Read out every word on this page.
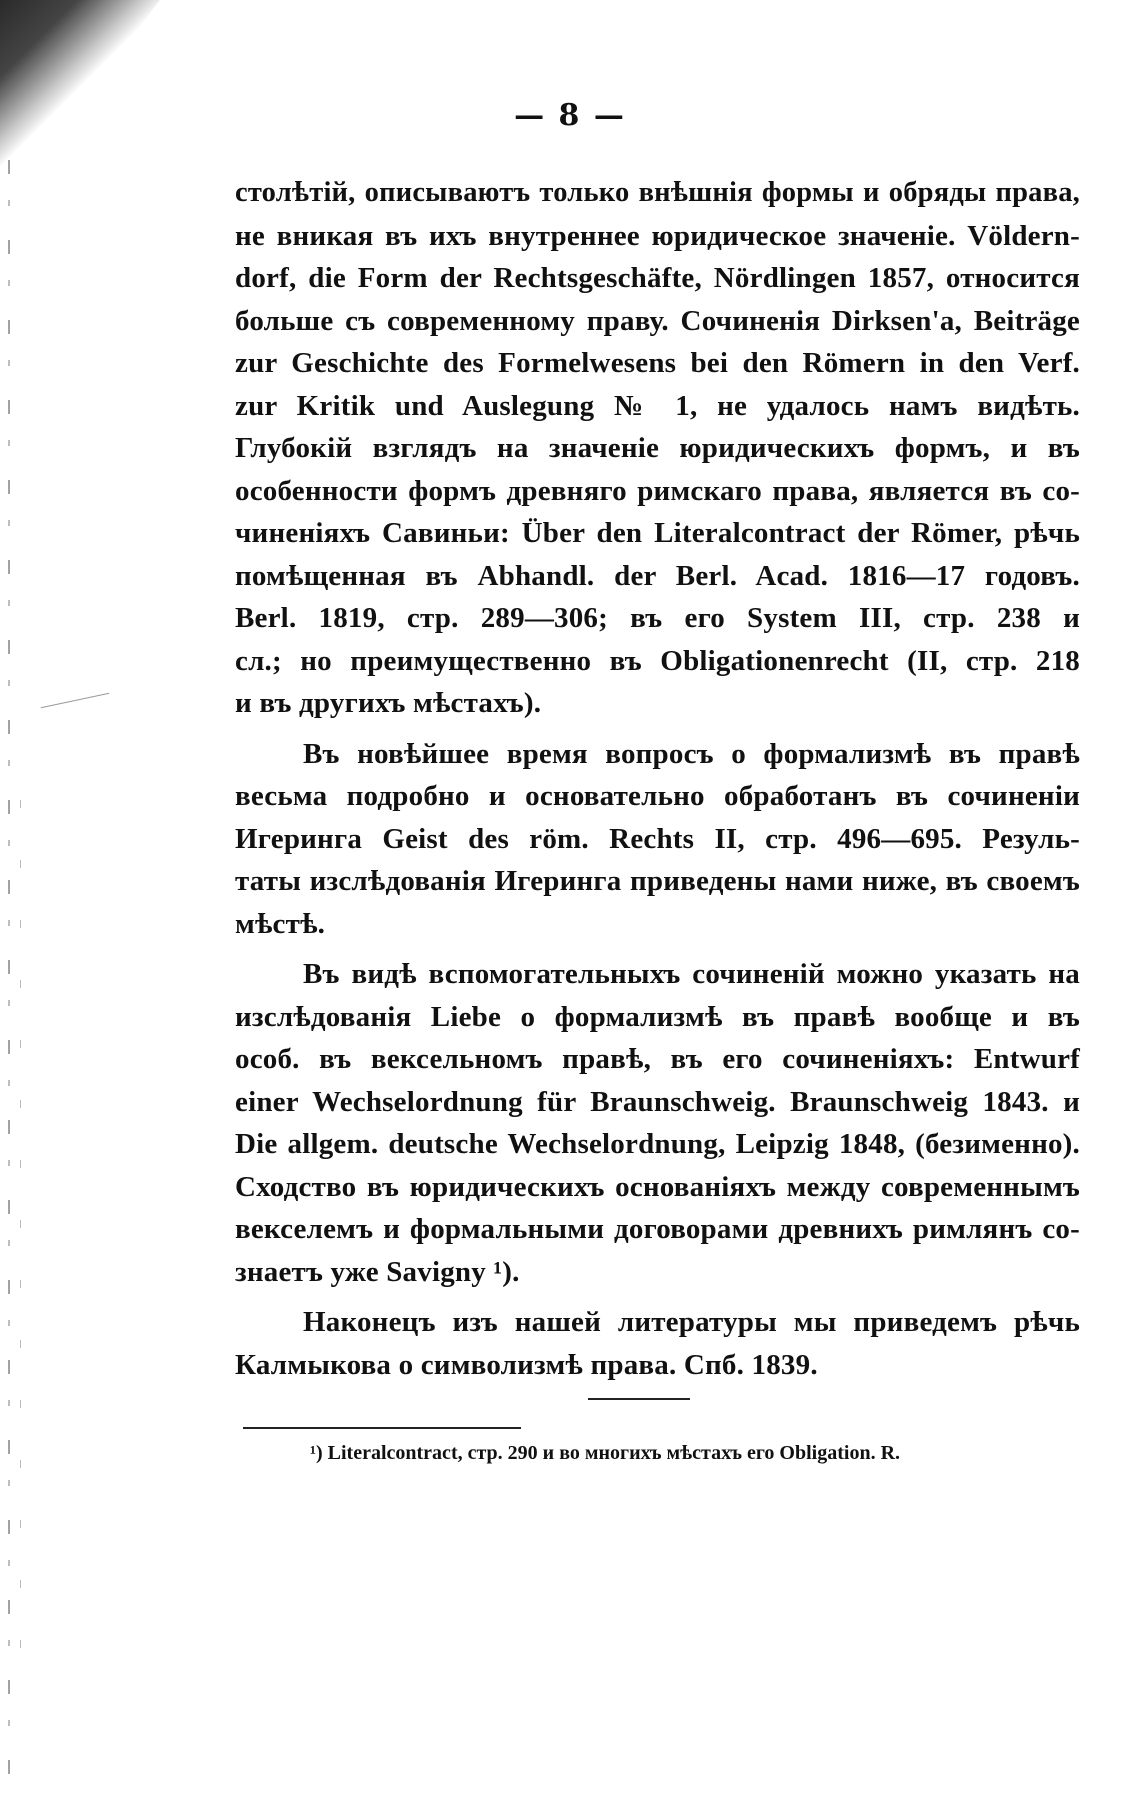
— 8 —
столѣтій, описываютъ только внѣшнія формы и обряды права,
не вникая въ ихъ внутреннее юридическое значеніе. Völdern-
dorf, die Form der Rechtsgeschäfte, Nördlingen 1857, относится
больше съ современному праву. Сочиненія Dirksen'a, Beiträge
zur Geschichte des Formelwesens bei den Römern in den Verf.
zur Kritik und Auslegung № 1, не удалось намъ видѣть.
Глубокій взглядъ на значеніе юридическихъ формъ, и въ
особенности формъ древняго римскаго права, является въ со-
чиненіяхъ Савиньи: Über den Literalcontract der Römer, рѣчь
помѣщенная въ Abhandl. der Berl. Acad. 1816—17 годовъ.
Berl. 1819, стр. 289—306; въ его System III, стр. 238 и
сл.; но преимущественно въ Obligationenrecht (II, стр. 218
и въ другихъ мѣстахъ).
Въ новѣйшее время вопросъ о формализмѣ въ правѣ
весьма подробно и основательно обработанъ въ сочиненіи
Игеринга Geist des röm. Rechts II, стр. 496—695. Резуль-
таты изслѣдованія Игеринга приведены нами ниже, въ своемъ
мѣстѣ.
Въ видѣ вспомогательныхъ сочиненій можно указать на
изслѣдованія Liebe о формализмѣ въ правѣ вообще и въ
особ. въ вексельномъ правѣ, въ его сочиненіяхъ: Entwurf
einer Wechselordnung für Braunschweig. Braunschweig 1843. и
Die allgem. deutsche Wechselordnung, Leipzig 1848, (безименно).
Сходство въ юридическихъ основаніяхъ между современнымъ
векселемъ и формальными договорами древнихъ римлянъ со-
знаетъ уже Savigny ¹).
Наконецъ изъ нашей литературы мы приведемъ рѣчь
Калмыкова о символизмѣ права. Спб. 1839.
¹) Literalcontract, стр. 290 и во многихъ мѣстахъ его Obligation. R.
